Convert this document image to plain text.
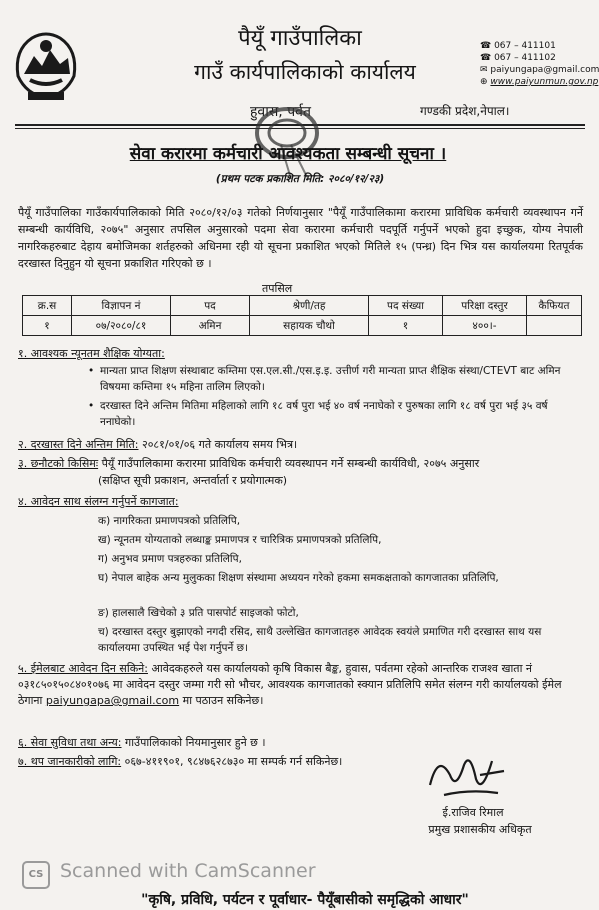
पैयूँ गाउँपालिका
गाउँ कार्यपालिकाको कार्यालय
हुवास, पर्वत	गण्डकी प्रदेश,नेपाल।
☎ 067 – 411101
☎ 067 – 411102
✉ paiyungapa@gmail.com
⊕ www.paiyunmun.gov.np
सेवा करारमा कर्मचारी आवश्यकता सम्बन्धी सूचना ।
(प्रथम पटक प्रकाशित मिति: २०८०/१२/२३)
पैयूँ गाउँपालिका गाउँकार्यपालिकाको मिति २०८०/१२/०३ गतेको निर्णयानुसार "पैयूँ गाउँपालिकामा करारमा प्राविधिक कर्मचारी व्यवस्थापन गर्ने सम्बन्धी कार्यविधि, २०७५" अनुसार तपसिल अनुसारको पदमा सेवा करारमा कर्मचारी पदपूर्ति गर्नुपर्ने भएको हुदा इच्छुक, योग्य नेपाली नागरिकहरुबाट देहाय बमोजिमका शर्तहरुको अधिनमा रही यो सूचना प्रकाशित भएको मितिले १५ (पन्ध्र) दिन भित्र यस कार्यालयमा रितपूर्वक दरखास्त दिनुहुन यो सूचना प्रकाशित गरिएको छ ।
तपसिल
क्र.स	विज्ञापन नं	पद	श्रेणी/तह	पद संख्या	परिक्षा दस्तुर	कैफियत
१	०७/२०८०/८१	अमिन	सहायक चौथो	१	४००।-	
१. आवश्यक न्यूनतम शैक्षिक योग्यता:
• मान्यता प्राप्त शिक्षण संस्थाबाट कम्तिमा एस.एल.सी./एस.इ.इ. उत्तीर्ण गरी मान्यता प्राप्त शैक्षिक संस्था/CTEVT बाट अमिन विषयमा कम्तिमा १५ महिना तालिम लिएको।
• दरखास्त दिने अन्तिम मितिमा महिलाको लागि १८ वर्ष पुरा भई ४० वर्ष ननाघेको र पुरुषका लागि १८ वर्ष पुरा भई ३५ वर्ष ननाघेको।
२. दरखास्त दिने अन्तिम मिति: २०८१/०१/०६ गते कार्यालय समय भित्र।
३. छनौटको किसिमः पैयूँ गाउँपालिकामा करारमा प्राविधिक कर्मचारी व्यवस्थापन गर्ने सम्बन्धी कार्यविधी, २०७५ अनुसार
(सक्षिप्त सूची प्रकाशन, अन्तर्वार्ता र प्रयोगात्मक)
४. आवेदन साथ संलग्न गर्नुपर्ने कागजात:
क) नागरिकता प्रमाणपत्रको प्रतिलिपि,
ख) न्यूनतम योग्यताको लब्धाङ्क प्रमाणपत्र र चारित्रिक प्रमाणपत्रको प्रतिलिपि,
ग) अनुभव प्रमाण पत्रहरुका प्रतिलिपि,
घ) नेपाल बाहेक अन्य मुलुकका शिक्षण संस्थामा अध्ययन गरेको हकमा समकक्षताको कागजातका प्रतिलिपि,
ङ) हालसालै खिचेको ३ प्रति पासपोर्ट साइजको फोटो,
च) दरखास्त दस्तुर बुझाएको नगदी रसिद, साथै उल्लेखित कागजातहरु आवेदक स्वयंले प्रमाणित गरी दरखास्त साथ यस कार्यालयमा उपस्थित भई पेश गर्नुपर्ने छ।
५. ईमेलबाट आवेदन दिन सकिने: आवेदकहरुले यस कार्यालयको कृषि विकास बैङ्क, हुवास, पर्वतमा रहेको आन्तरिक राजश्व खाता नं ०३१८५०१५०८४०१०७६ मा आवेदन दस्तुर जम्मा गरी सो भौचर, आवश्यक कागजातको स्क्यान प्रतिलिपि समेत संलग्न गरी कार्यालयको ईमेल ठेगाना paiyungapa@gmail.com मा पठाउन सकिनेछ।
६. सेवा सुविधा तथा अन्य: गाउँपालिकाको नियमानुसार हुने छ ।
७. थप जानकारीको लागि: ०६७-४११९०१, ९८४७६२८७३० मा सम्पर्क गर्न सकिनेछ।
ई.राजिव रिमाल
प्रमुख प्रशासकीय अधिकृत
CS Scanned with CamScanner
"कृषि, प्रविधि, पर्यटन र पूर्वाधार- पैयूँबासीको समृद्धिको आधार"
